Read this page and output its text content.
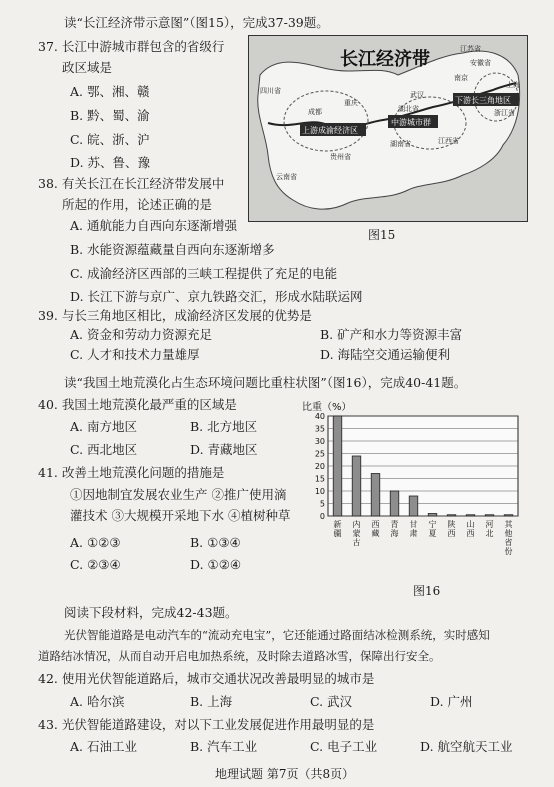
读“长江经济带示意图”（图15），完成37-39题。
37. 长江中游城市群包含的省级行
政区域是
A. 鄂、湘、赣
B. 黔、蜀、渝
C. 皖、浙、沪
D. 苏、鲁、豫
38. 有关长江在长江经济带发展中
所起的作用，论述正确的是
A. 通航能力自西向东逐渐增强
B. 水能资源蕴藏量自西向东逐渐增多
C. 成渝经济区西部的三峡工程提供了充足的电能
D. 长江下游与京广、京九铁路交汇，形成水陆联运网
长江经济带	江苏省
安徽省
南京
上海
浙江省
武汉
湖北省
湖南省	江西省
重庆
成都
四川省
贵州省
云南省
上游成渝经济区
中游城市群
下游长三角地区
图15
39. 与长三角地区相比，成渝经济区发展的优势是
A. 资金和劳动力资源充足	B. 矿产和水力等资源丰富
C. 人才和技术力量雄厚	D. 海陆空交通运输便利
读“我国土地荒漠化占生态环境问题比重柱状图”（图16），完成40-41题。
40. 我国土地荒漠化最严重的区域是
A. 南方地区	B. 北方地区
C. 西北地区	D. 青藏地区
41. 改善土地荒漠化问题的措施是
①因地制宜发展农业生产 ②推广使用滴
灌技术 ③大规模开采地下水 ④植树种草
A. ①②③	B. ①③④
C. ②③④	D. ①②④
比重（%）
0
5
10
15
20
25
30
35
40
新疆
内蒙古
西藏
青海
甘肃
宁夏
陕西
山西
河北
其他省份
图16
阅读下段材料，完成42-43题。
光伏智能道路是电动汽车的“流动充电宝”，它还能通过路面结冰检测系统，实时感知
道路结冰情况，从而自动开启电加热系统，及时除去道路冰雪，保障出行安全。
42. 使用光伏智能道路后，城市交通状况改善最明显的城市是
A. 哈尔滨	B. 上海	C. 武汉	D. 广州
43. 光伏智能道路建设，对以下工业发展促进作用最明显的是
A. 石油工业	B. 汽车工业	C. 电子工业	D. 航空航天工业
地理试题 第7页（共8页）
